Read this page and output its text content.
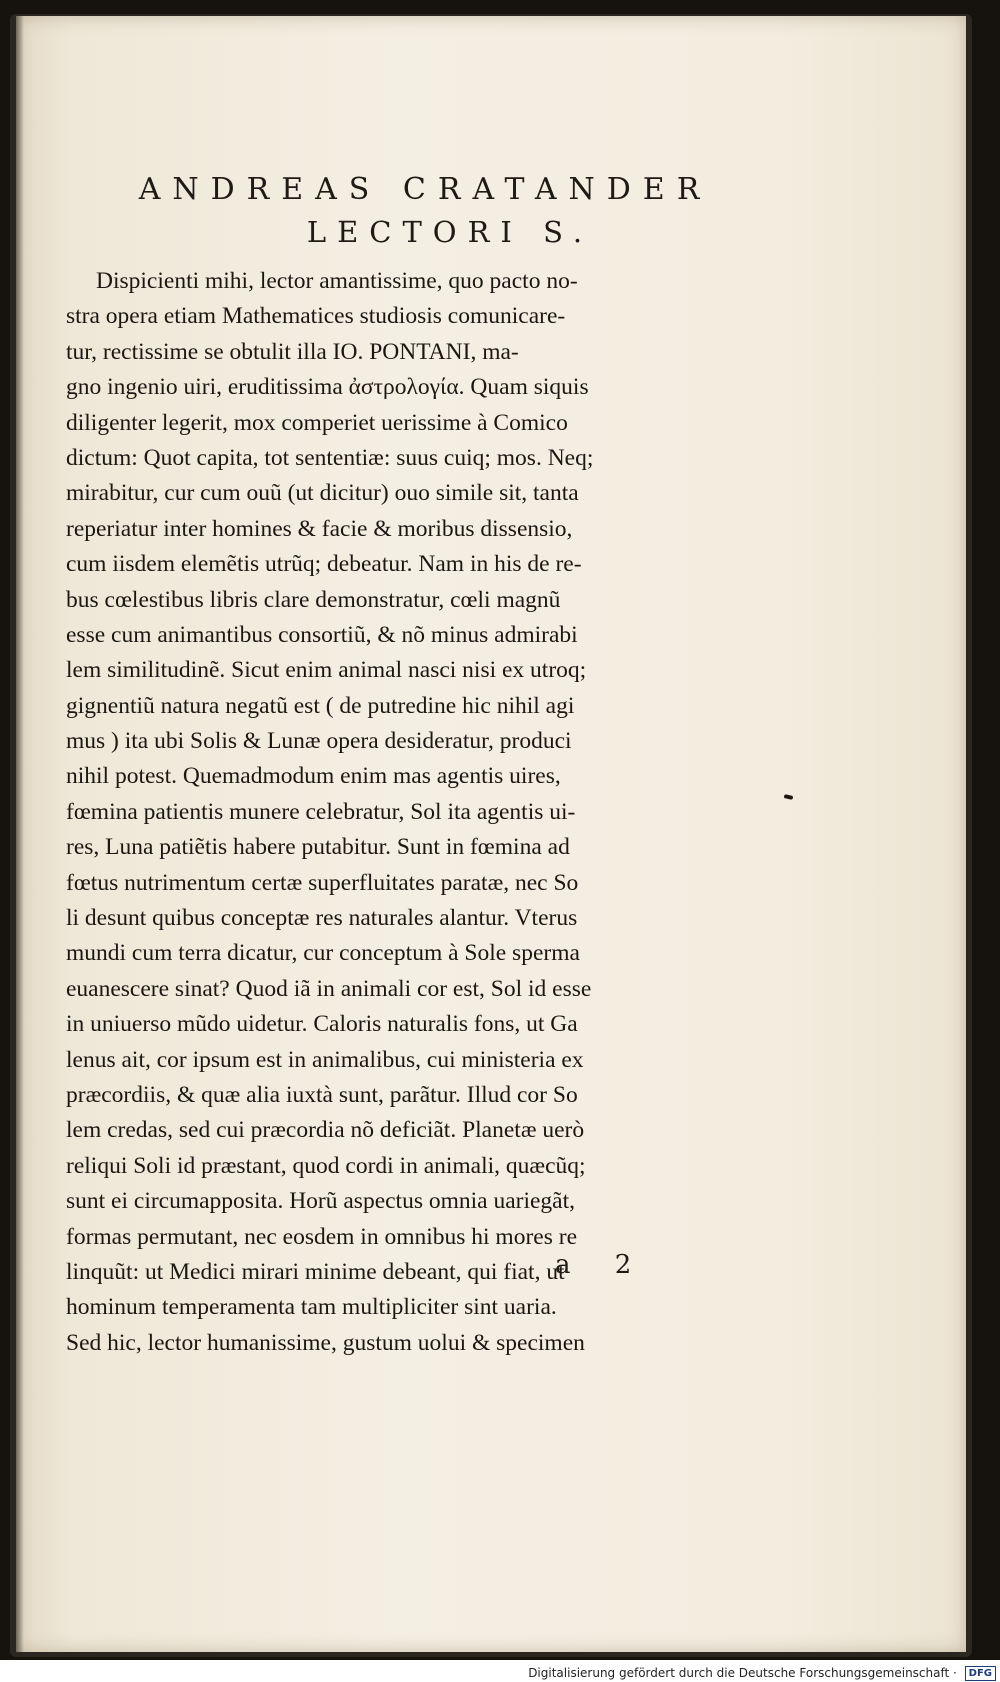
ANDREAS CRATANDER
LECTORI S.
Dispicienti mihi, lector amantissime, quo pacto no-
stra opera etiam Mathematices studiosis comunicare-
tur, rectissime se obtulit illa IO. PONTANI, ma-
gno ingenio uiri, eruditissima ἀστρολογία. Quam siquis
diligenter legerit, mox comperiet uerissime à Comico
dictum: Quot capita, tot sententiæ: suus cuiq; mos. Neq;
mirabitur, cur cum ouũ (ut dicitur) ouo simile sit, tanta
reperiatur inter homines & facie & moribus dissensio,
cum iisdem elemẽtis utrũq; debeatur. Nam in his de re-
bus cœlestibus libris clare demonstratur, cœli magnũ
esse cum animantibus consortiũ, & nõ minus admirabi
lem similitudinẽ. Sicut enim animal nasci nisi ex utroq;
gignentiũ natura negatũ est ( de putredine hic nihil agi
mus ) ita ubi Solis & Lunæ opera desideratur, produci
nihil potest. Quemadmodum enim mas agentis uires,
fœmina patientis munere celebratur, Sol ita agentis ui-
res, Luna patiẽtis habere putabitur. Sunt in fœmina ad
fœtus nutrimentum certæ superfluitates paratæ, nec So
li desunt quibus conceptæ res naturales alantur. Vterus
mundi cum terra dicatur, cur conceptum à Sole sperma
euanescere sinat? Quod iã in animali cor est, Sol id esse
in uniuerso mũdo uidetur. Caloris naturalis fons, ut Ga
lenus ait, cor ipsum est in animalibus, cui ministeria ex
præcordiis, & quæ alia iuxtà sunt, parãtur. Illud cor So
lem credas, sed cui præcordia nõ deficiãt. Planetæ uerò
reliqui Soli id præstant, quod cordi in animali, quæcũq;
sunt ei circumapposita. Horũ aspectus omnia uariegãt,
formas permutant, nec eosdem in omnibus hi mores re
linquũt: ut Medici mirari minime debeant, qui fiat, ut
hominum temperamenta tam multipliciter sint uaria.
Sed hic, lector humanissime, gustum uolui & specimen
a 2
Digitalisierung gefördert durch die Deutsche Forschungsgemeinschaft · DFG
